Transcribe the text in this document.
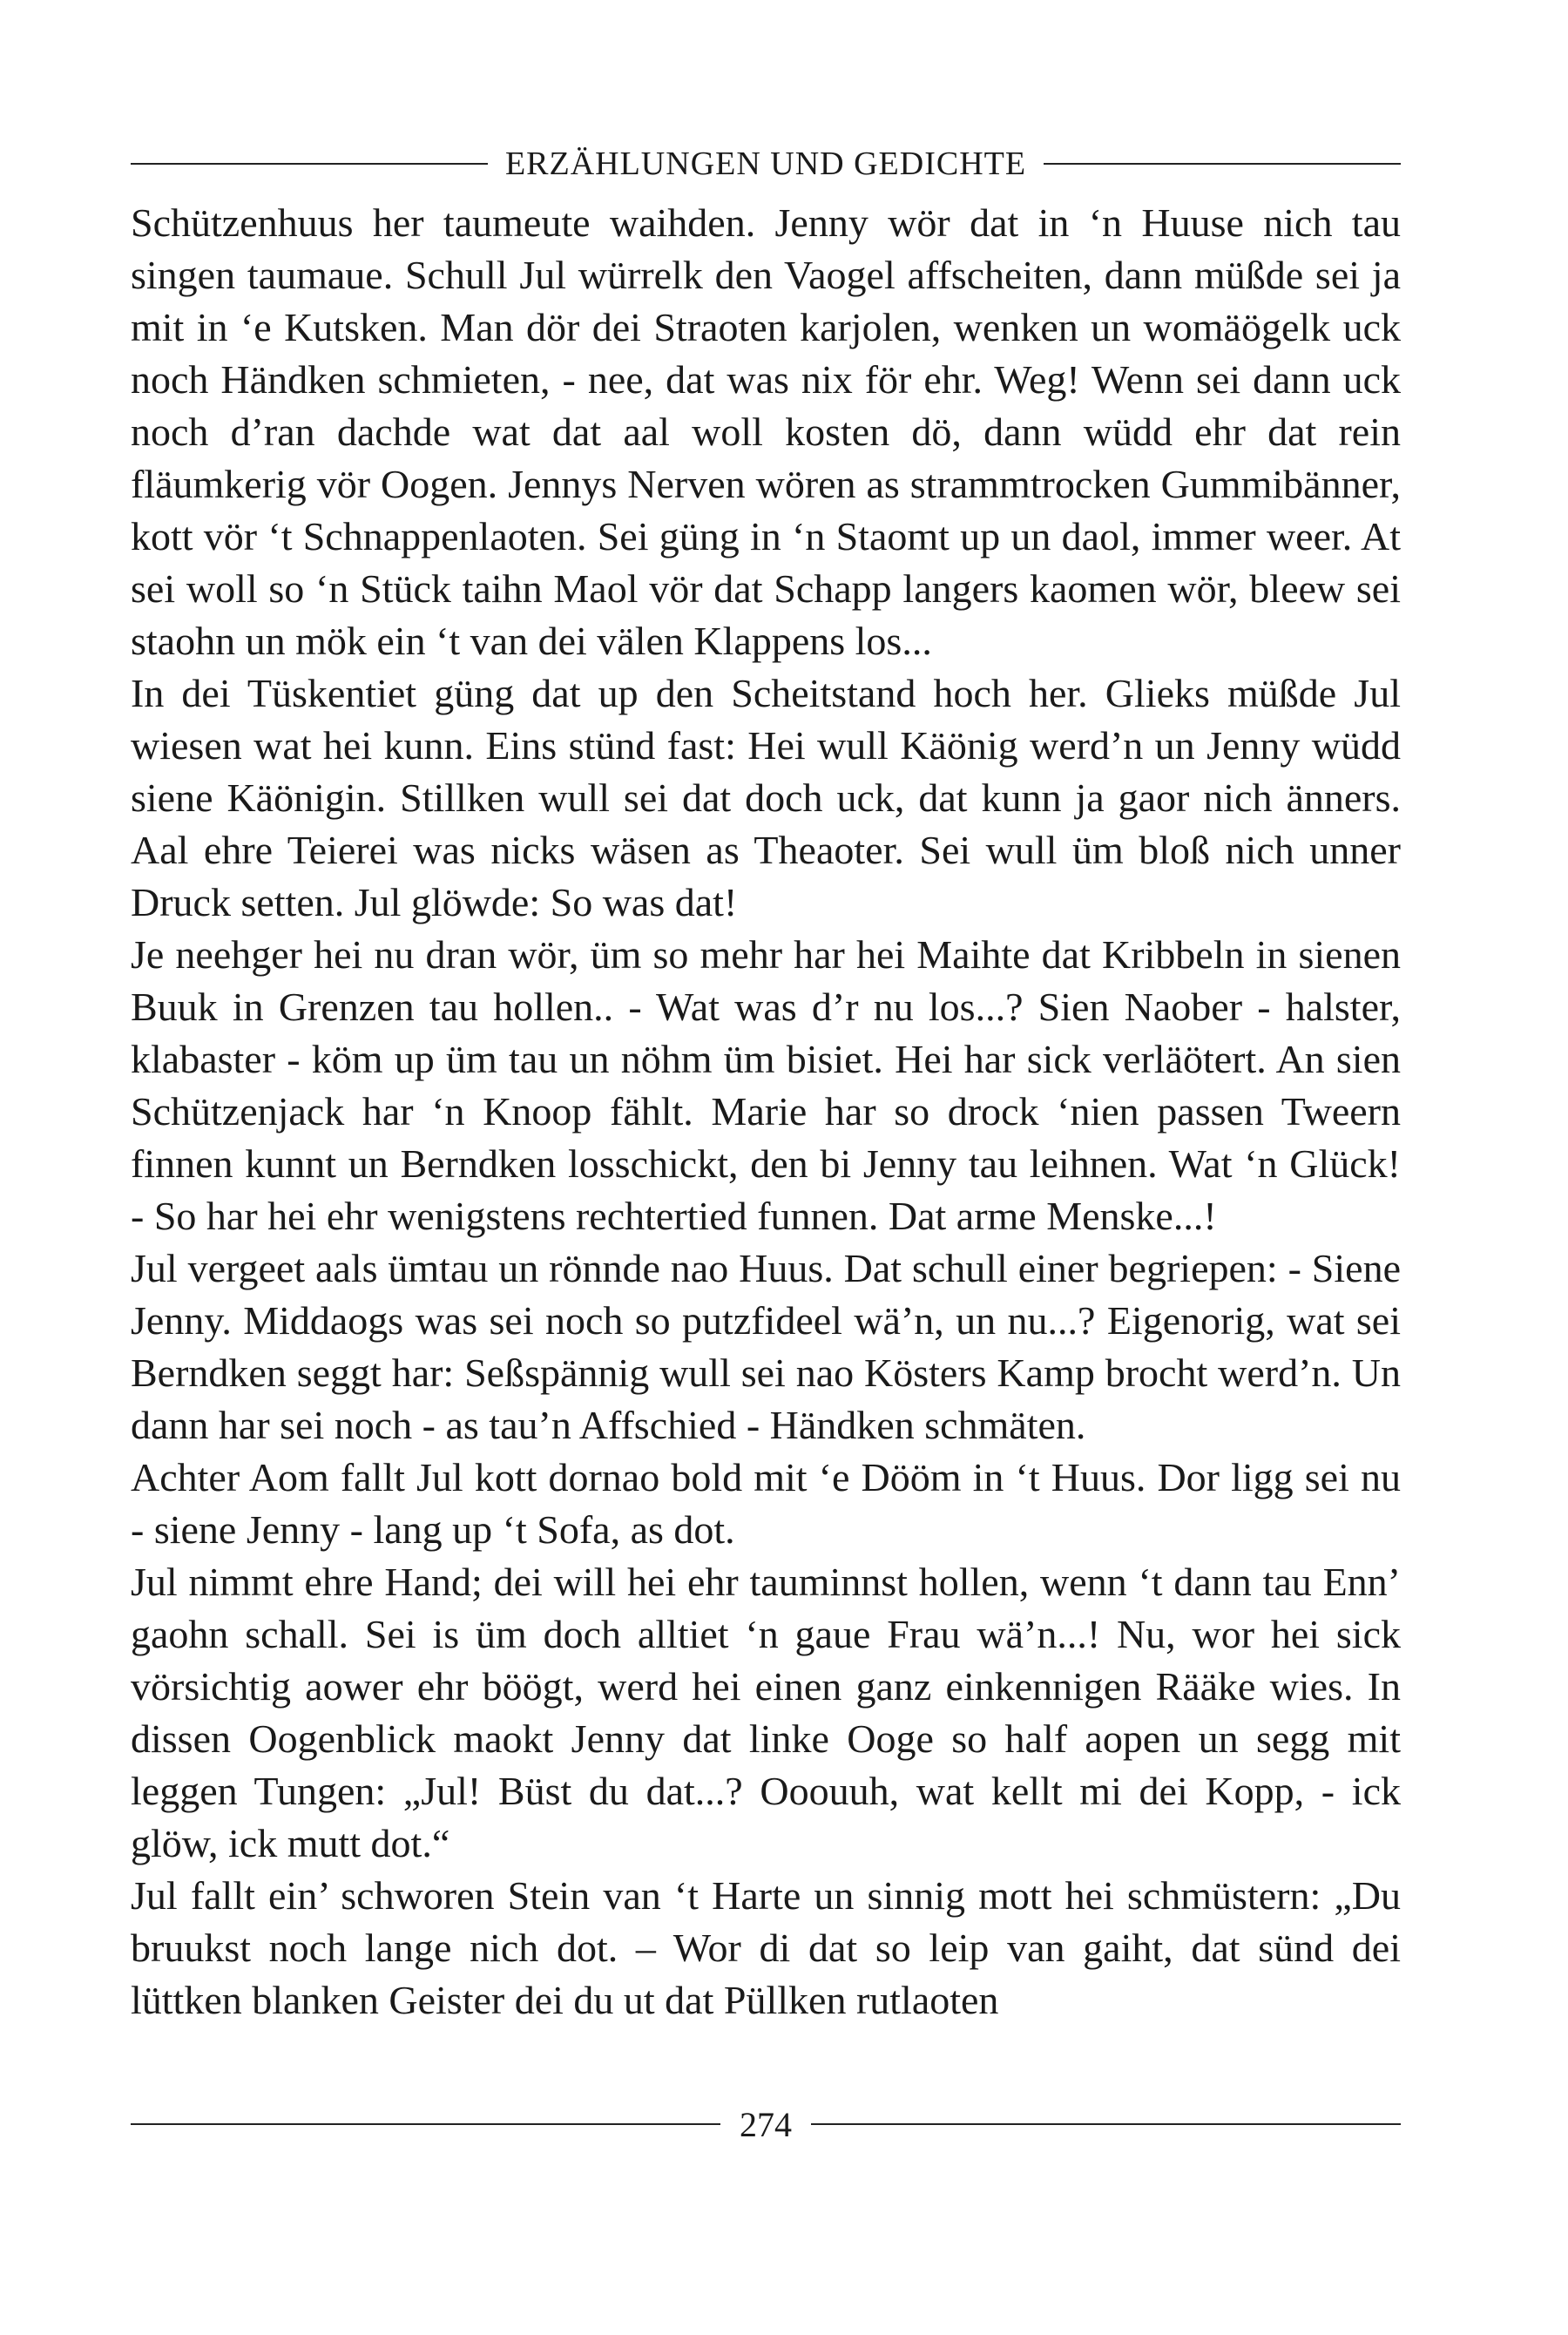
ERZÄHLUNGEN UND GEDICHTE

Schützenhuus her taumeute waihden. Jenny wör dat in ‘n Huuse nich tau singen taumaue. Schull Jul würrelk den Vaogel affscheiten, dann müßde sei ja mit in ‘e Kutsken. Man dör dei Straoten karjolen, wenken un womäögelk uck noch Händken schmieten, - nee, dat was nix för ehr. Weg! Wenn sei dann uck noch d’ran dachde wat dat aal woll kosten dö, dann wüdd ehr dat rein fläumkerig vör Oogen. Jennys Nerven wören as strammtrocken Gummibänner, kott vör ‘t Schnappenlaoten. Sei güng in ‘n Staomt up un daol, immer weer. At sei woll so ‘n Stück taihn Maol vör dat Schapp langers kaomen wör, bleew sei staohn un mök ein ‘t van dei välen Klappens los...

In dei Tüskentiet güng dat up den Scheitstand hoch her. Glieks müßde Jul wiesen wat hei kunn. Eins stünd fast: Hei wull Käönig werd’n un Jenny wüdd siene Käönigin. Stillken wull sei dat doch uck, dat kunn ja gaor nich änners. Aal ehre Teierei was nicks wäsen as Theaoter. Sei wull üm bloß nich unner Druck setten. Jul glöwde: So was dat!

Je neehger hei nu dran wör, üm so mehr har hei Maihte dat Kribbeln in sienen Buuk in Grenzen tau hollen.. - Wat was d’r nu los...? Sien Naober - halster, klabaster - köm up üm tau un nöhm üm bisiet. Hei har sick verläötert. An sien Schützenjack har ‘n Knoop fählt. Marie har so drock ‘nien passen Tweern finnen kunnt un Berndken losschickt, den bi Jenny tau leihnen. Wat ‘n Glück! - So har hei ehr wenigstens rechtertied funnen. Dat arme Menske...!

Jul vergeet aals ümtau un rönnde nao Huus. Dat schull einer begriepen: - Siene Jenny. Middaogs was sei noch so putzfideel wä’n, un nu...? Eigenorig, wat sei Berndken seggt har: Seßspännig wull sei nao Kösters Kamp brocht werd’n. Un dann har sei noch - as tau’n Affschied - Händken schmäten.

Achter Aom fallt Jul kott dornao bold mit ‘e Dööm in ‘t Huus. Dor ligg sei nu - siene Jenny - lang up ‘t Sofa, as dot.

Jul nimmt ehre Hand; dei will hei ehr tauminnst hollen, wenn ‘t dann tau Enn’ gaohn schall. Sei is üm doch alltiet ‘n gaue Frau wä’n...! Nu, wor hei sick vörsichtig aower ehr böögt, werd hei einen ganz einkennigen Rääke wies. In dissen Oogenblick maokt Jenny dat linke Ooge so half aopen un segg mit leggen Tungen: „Jul! Büst du dat...? Ooouuh, wat kellt mi dei Kopp, - ick glöw, ick mutt dot.“

Jul fallt ein’ schworen Stein van ‘t Harte un sinnig mott hei schmüstern: „Du bruukst noch lange nich dot. – Wor di dat so leip van gaiht, dat sünd dei lüttken blanken Geister dei du ut dat Püllken rutlaoten

274
